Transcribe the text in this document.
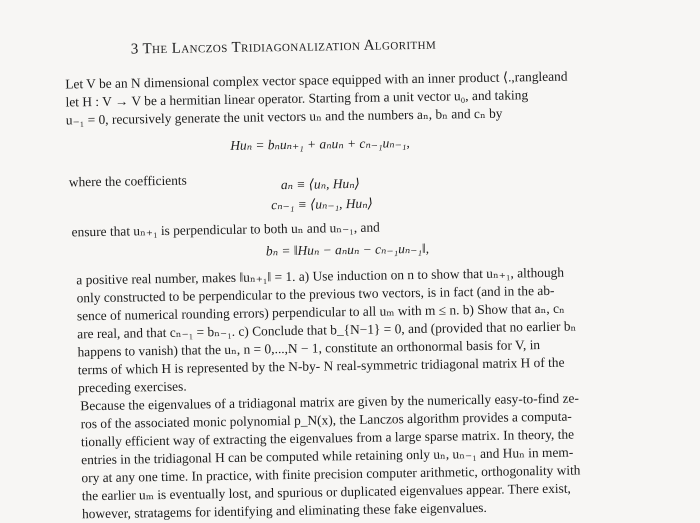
3 The Lanczos Tridiagonalization Algorithm
Let V be an N dimensional complex vector space equipped with an inner product ⟨.,rangleand
let H : V → V be a hermitian linear operator. Starting from a unit vector u₀, and taking
u₋₁ = 0, recursively generate the unit vectors uₙ and the numbers aₙ, bₙ and cₙ by
Huₙ = bₙuₙ₊₁ + aₙuₙ + cₙ₋₁uₙ₋₁,
where the coefficients	aₙ ≡ ⟨uₙ, Huₙ⟩
cₙ₋₁ ≡ ⟨uₙ₋₁, Huₙ⟩
ensure that uₙ₊₁ is perpendicular to both uₙ and uₙ₋₁, and
bₙ = ‖Huₙ − aₙuₙ − cₙ₋₁uₙ₋₁‖,
a positive real number, makes ‖uₙ₊₁‖ = 1. a) Use induction on n to show that uₙ₊₁, although
only constructed to be perpendicular to the previous two vectors, is in fact (and in the ab-
sence of numerical rounding errors) perpendicular to all uₘ with m ≤ n. b) Show that aₙ, cₙ
are real, and that cₙ₋₁ = bₙ₋₁. c) Conclude that b_{N−1} = 0, and (provided that no earlier bₙ
happens to vanish) that the uₙ, n = 0,...,N − 1, constitute an orthonormal basis for V, in
terms of which H is represented by the N-by- N real-symmetric tridiagonal matrix H of the
preceding exercises.
Because the eigenvalues of a tridiagonal matrix are given by the numerically easy-to-find ze-
ros of the associated monic polynomial p_N(x), the Lanczos algorithm provides a computa-
tionally efficient way of extracting the eigenvalues from a large sparse matrix. In theory, the
entries in the tridiagonal H can be computed while retaining only uₙ, uₙ₋₁ and Huₙ in mem-
ory at any one time. In practice, with finite precision computer arithmetic, orthogonality with
the earlier uₘ is eventually lost, and spurious or duplicated eigenvalues appear. There exist,
however, stratagems for identifying and eliminating these fake eigenvalues.
